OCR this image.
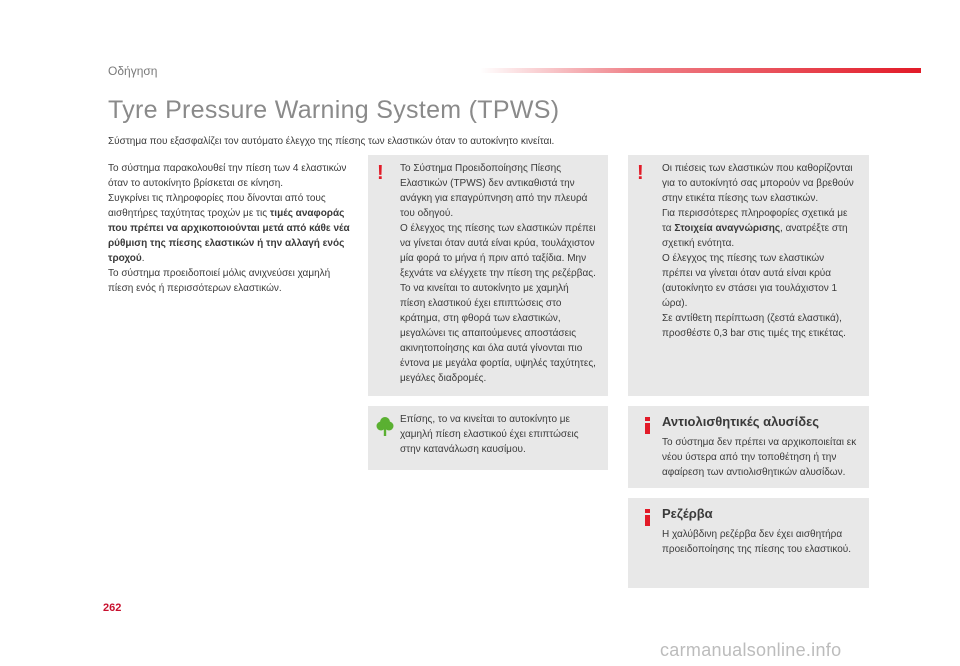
Οδήγηση
Tyre Pressure Warning System (TPWS)
Σύστημα που εξασφαλίζει τον αυτόματο έλεγχο της πίεσης των ελαστικών όταν το αυτοκίνητο κινείται.

Το σύστημα παρακολουθεί την πίεση των 4 ελαστικών όταν το αυτοκίνητο βρίσκεται σε κίνηση.

Συγκρίνει τις πληροφορίες που δίνονται από τους αισθητήρες ταχύτητας τροχών με τις τιμές αναφοράς που πρέπει να αρχικοποιούνται μετά από κάθε νέα ρύθμιση της πίεσης ελαστικών ή την αλλαγή ενός τροχού.

Το σύστημα προειδοποιεί μόλις ανιχνεύσει χαμηλή πίεση ενός ή περισσότερων ελαστικών.

Το Σύστημα Προειδοποίησης Πίεσης Ελαστικών (TPWS) δεν αντικαθιστά την ανάγκη για επαγρύπνηση από την πλευρά του οδηγού.

Ο έλεγχος της πίεσης των ελαστικών πρέπει να γίνεται όταν αυτά είναι κρύα, τουλάχιστον μία φορά το μήνα ή πριν από ταξίδια. Μην ξεχνάτε να ελέγχετε την πίεση της ρεζέρβας.

Το να κινείται το αυτοκίνητο με χαμηλή πίεση ελαστικού έχει επιπτώσεις στο κράτημα, στη φθορά των ελαστικών, μεγαλώνει τις απαιτούμενες αποστάσεις ακινητοποίησης και όλα αυτά γίνονται πιο έντονα με μεγάλα φορτία, υψηλές ταχύτητες, μεγάλες διαδρομές.

!

Επίσης, το να κινείται το αυτοκίνητο με χαμηλή πίεση ελαστικού έχει επιπτώσεις στην κατανάλωση καυσίμου.

Οι πιέσεις των ελαστικών που καθορίζονται για το αυτοκίνητό σας μπορούν να βρεθούν στην ετικέτα πίεσης των ελαστικών.

Για περισσότερες πληροφορίες σχετικά με τα Στοιχεία αναγνώρισης, ανατρέξτε στη σχετική ενότητα.

Ο έλεγχος της πίεσης των ελαστικών πρέπει να γίνεται όταν αυτά είναι κρύα (αυτοκίνητο εν στάσει για τουλάχιστον 1 ώρα).

Σε αντίθετη περίπτωση (ζεστά ελαστικά), προσθέστε 0,3 bar στις τιμές της ετικέτας.

!
Αντιολισθητικές αλυσίδες

Το σύστημα δεν πρέπει να αρχικοποιείται εκ νέου ύστερα από την τοποθέτηση ή την αφαίρεση των αντιολισθητικών αλυσίδων.

Ρεζέρβα

Η χαλύβδινη ρεζέρβα δεν έχει αισθητήρα προειδοποίησης της πίεσης του ελαστικού.

262
carmanualsonline.info
